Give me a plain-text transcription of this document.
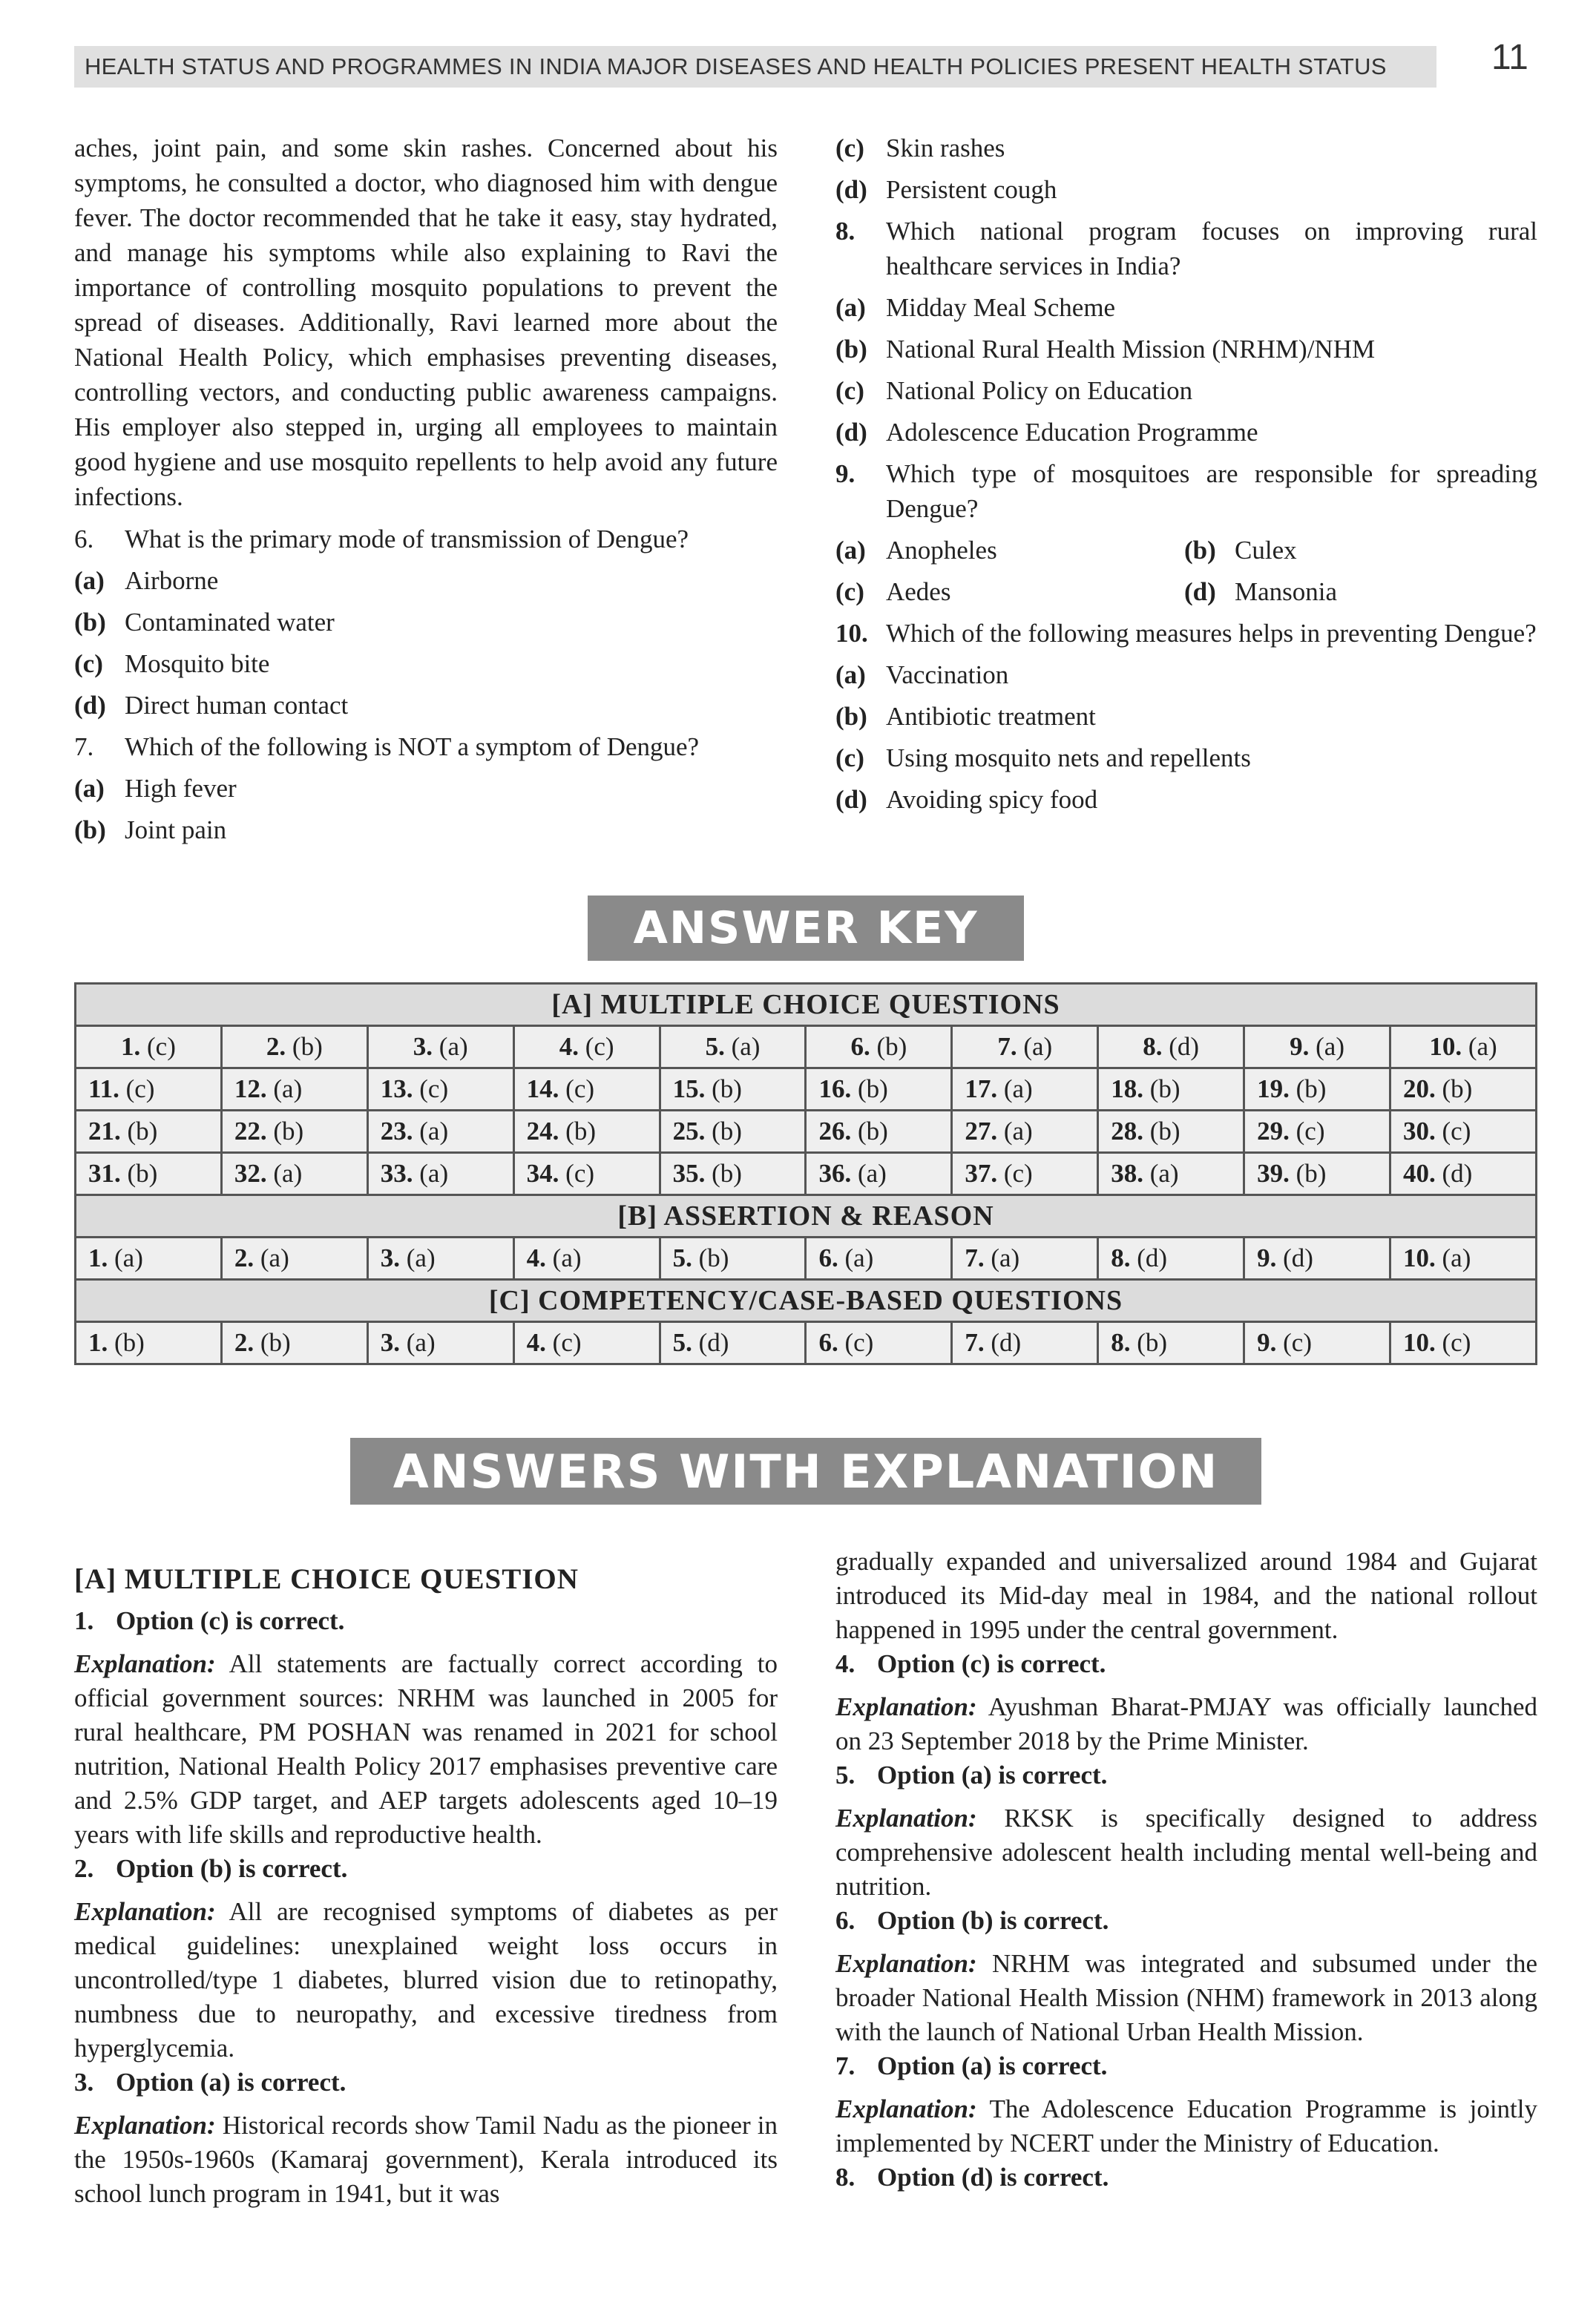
HEALTH STATUS AND PROGRAMMES IN INDIA MAJOR DISEASES AND HEALTH POLICIES PRESENT HEALTH STATUS	11

aches, joint pain, and some skin rashes. Concerned about his symptoms, he consulted a doctor, who diagnosed him with dengue fever. The doctor recommended that he take it easy, stay hydrated, and manage his symptoms while also explaining to Ravi the importance of controlling mosquito populations to prevent the spread of diseases. Additionally, Ravi learned more about the National Health Policy, which emphasises preventing diseases, controlling vectors, and conducting public awareness campaigns. His employer also stepped in, urging all employees to maintain good hygiene and use mosquito repellents to help avoid any future infections.

6.	What is the primary mode of transmission of Dengue?
(a) Airborne
(b) Contaminated water
(c) Mosquito bite
(d) Direct human contact
7.	Which of the following is NOT a symptom of Dengue?
(a) High fever
(b) Joint pain
(c) Skin rashes
(d) Persistent cough
8.	Which national program focuses on improving rural healthcare services in India?
(a) Midday Meal Scheme
(b) National Rural Health Mission (NRHM)/NHM
(c) National Policy on Education
(d) Adolescence Education Programme
9.	Which type of mosquitoes are responsible for spreading Dengue?
(a) Anopheles	(b) Culex
(c) Aedes	(d) Mansonia
10. Which of the following measures helps in preventing Dengue?
(a) Vaccination
(b) Antibiotic treatment
(c) Using mosquito nets and repellents
(d) Avoiding spicy food
ANSWER KEY
[A] MULTIPLE CHOICE QUESTIONS									
1. (c)	2. (b)	3. (a)	4. (c)	5. (a)	6. (b)	7. (a)	8. (d)	9. (a)	10. (a)
11. (c)	12. (a)	13. (c)	14. (c)	15. (b)	16. (b)	17. (a)	18. (b)	19. (b)	20. (b)
21. (b)	22. (b)	23. (a)	24. (b)	25. (b)	26. (b)	27. (a)	28. (b)	29. (c)	30. (c)
31. (b)	32. (a)	33. (a)	34. (c)	35. (b)	36. (a)	37. (c)	38. (a)	39. (b)	40. (d)
[B] ASSERTION & REASON									
1. (a)	2. (a)	3. (a)	4. (a)	5. (b)	6. (a)	7. (a)	8. (d)	9. (d)	10. (a)
[C] COMPETENCY/CASE-BASED QUESTIONS									
1. (b)	2. (b)	3. (a)	4. (c)	5. (d)	6. (c)	7. (d)	8. (b)	9. (c)	10. (c)
ANSWERS WITH EXPLANATION
[A] MULTIPLE CHOICE QUESTION
1. Option (c) is correct.

Explanation: All statements are factually correct according to official government sources: NRHM was launched in 2005 for rural healthcare, PM POSHAN was renamed in 2021 for school nutrition, National Health Policy 2017 emphasises preventive care and 2.5% GDP target, and AEP targets adolescents aged 10–19 years with life skills and reproductive health.

2. Option (b) is correct.

Explanation: All are recognised symptoms of diabetes as per medical guidelines: unexplained weight loss occurs in uncontrolled/type 1 diabetes, blurred vision due to retinopathy, numbness due to neuropathy, and excessive tiredness from hyperglycemia.

3. Option (a) is correct.

Explanation: Historical records show Tamil Nadu as the pioneer in the 1950s-1960s (Kamaraj government), Kerala introduced its school lunch program in 1941, but it was

gradually expanded and universalized around 1984 and Gujarat introduced its Mid-day meal in 1984, and the national rollout happened in 1995 under the central government.

4. Option (c) is correct.

Explanation: Ayushman Bharat-PMJAY was officially launched on 23 September 2018 by the Prime Minister.

5. Option (a) is correct.

Explanation: RKSK is specifically designed to address comprehensive adolescent health including mental well-being and nutrition.

6. Option (b) is correct.

Explanation: NRHM was integrated and subsumed under the broader National Health Mission (NHM) framework in 2013 along with the launch of National Urban Health Mission.

7. Option (a) is correct.

Explanation: The Adolescence Education Programme is jointly implemented by NCERT under the Ministry of Education.

8. Option (d) is correct.
